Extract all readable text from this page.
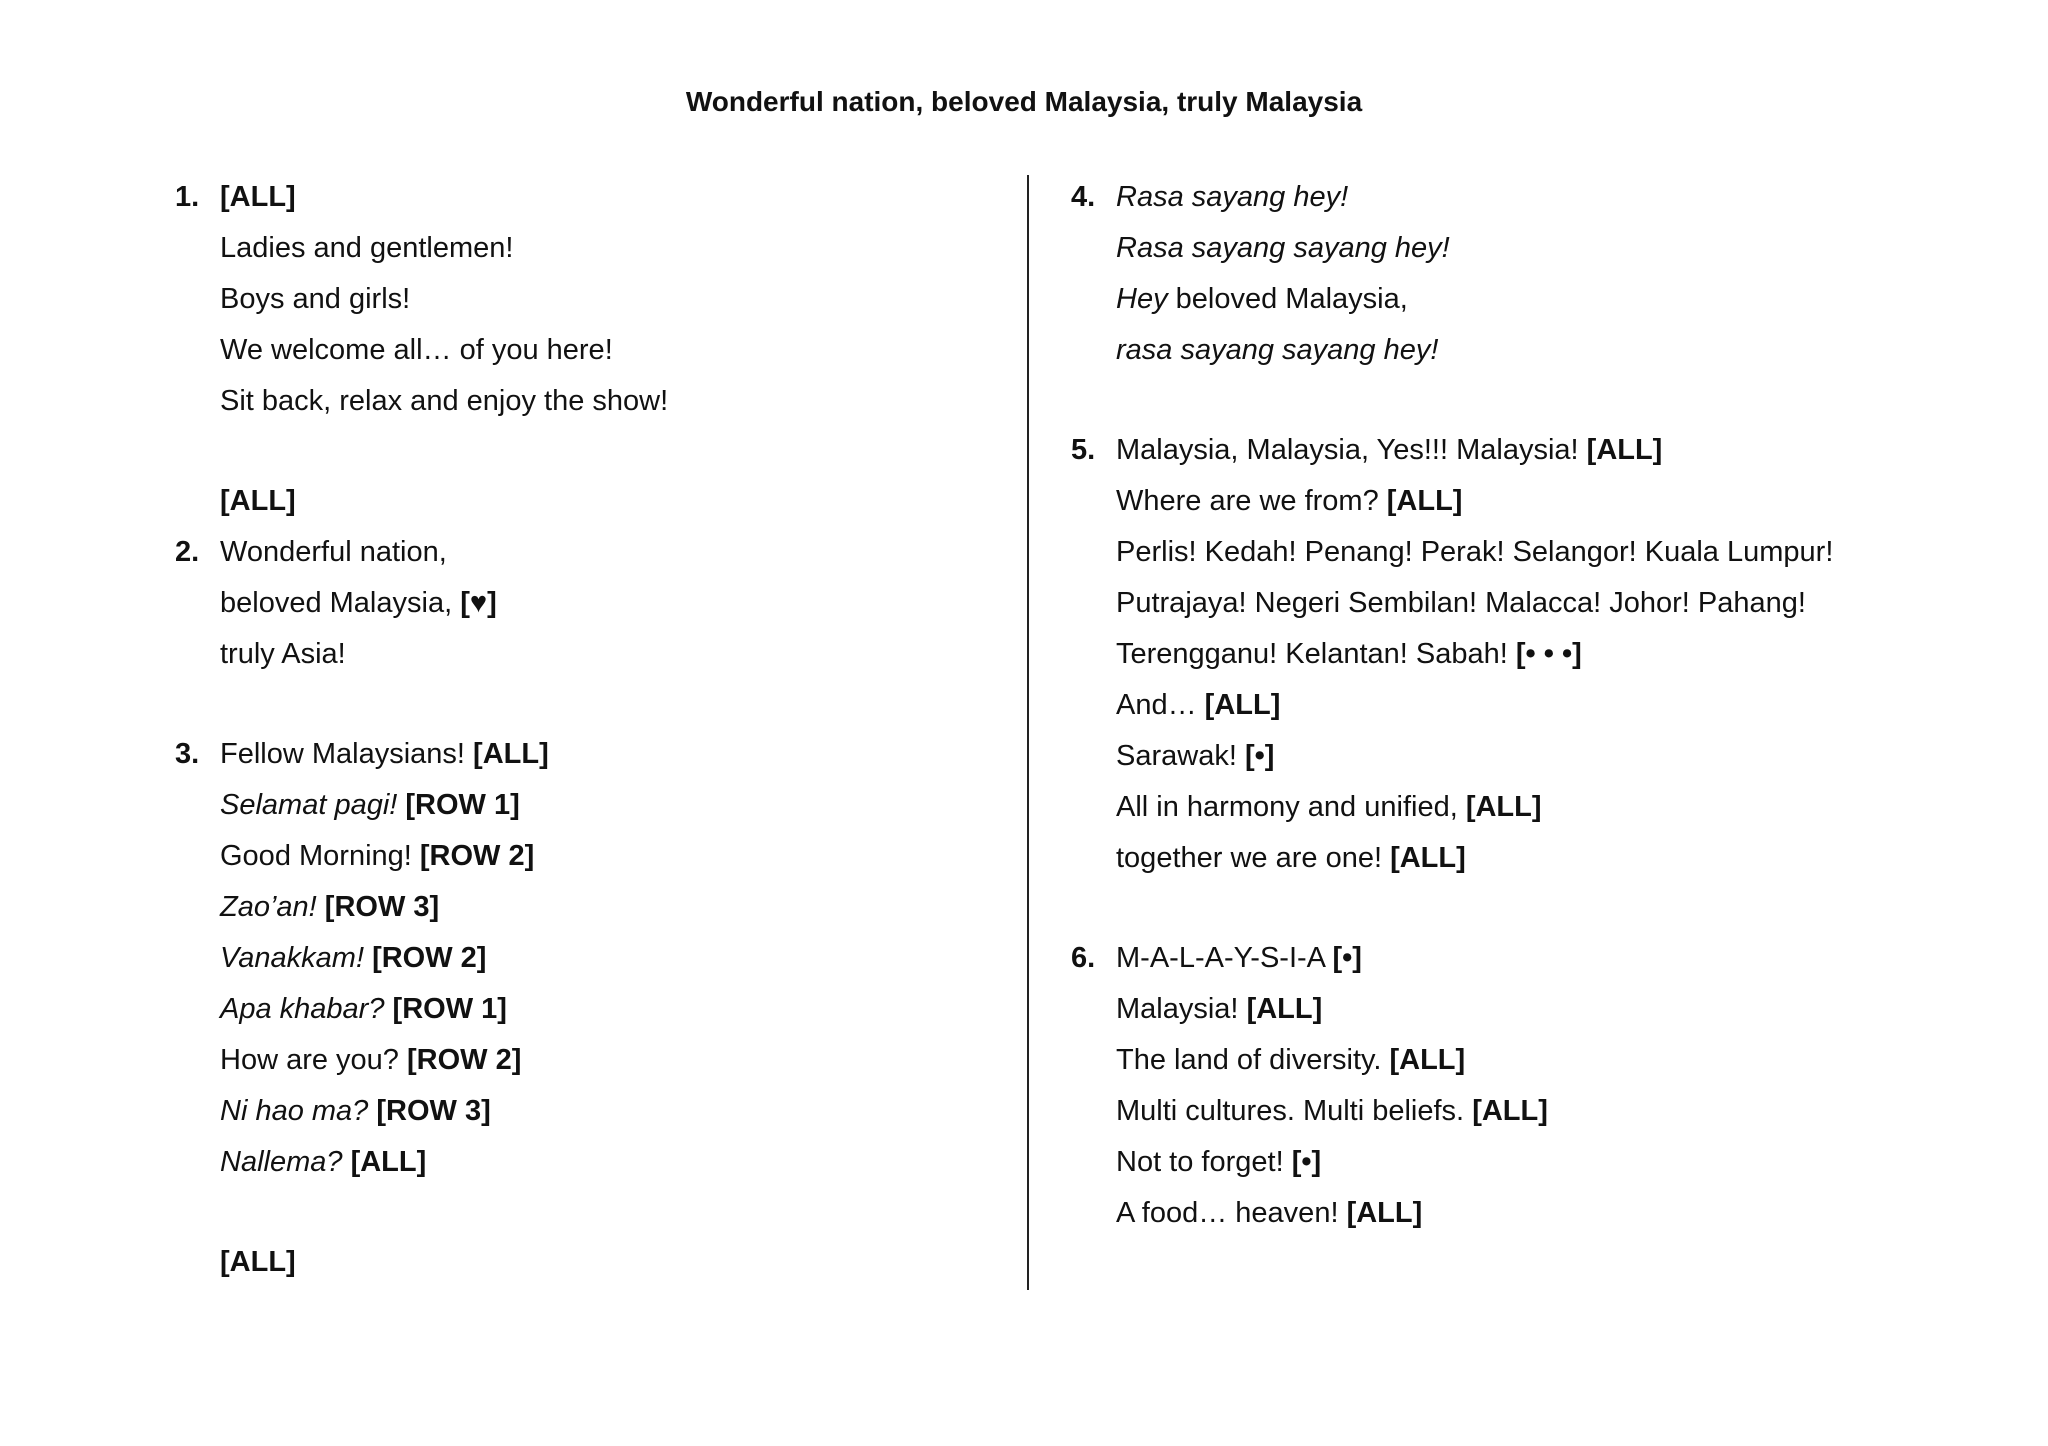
Wonderful nation, beloved Malaysia, truly Malaysia
1. [ALL]
Ladies and gentlemen!
Boys and girls!
We welcome all… of you here!
Sit back, relax and enjoy the show!
[ALL]
2. Wonderful nation,
beloved Malaysia, [♥]
truly Asia!
3. Fellow Malaysians! [ALL]
Selamat pagi! [ROW 1]
Good Morning! [ROW 2]
Zao’an! [ROW 3]
Vanakkam! [ROW 2]
Apa khabar? [ROW 1]
How are you? [ROW 2]
Ni hao ma? [ROW 3]
Nallema? [ALL]
[ALL]
4. Rasa sayang hey!
Rasa sayang sayang hey!
Hey beloved Malaysia,
rasa sayang sayang hey!
5. Malaysia, Malaysia, Yes!!! Malaysia! [ALL]
Where are we from? [ALL]
Perlis! Kedah! Penang! Perak! Selangor! Kuala Lumpur!
Putrajaya! Negeri Sembilan! Malacca! Johor! Pahang!
Terengganu! Kelantan! Sabah! [• • •]
And… [ALL]
Sarawak! [•]
All in harmony and unified, [ALL]
together we are one! [ALL]
6. M-A-L-A-Y-S-I-A [•]
Malaysia! [ALL]
The land of diversity. [ALL]
Multi cultures. Multi beliefs. [ALL]
Not to forget! [•]
A food… heaven! [ALL]
